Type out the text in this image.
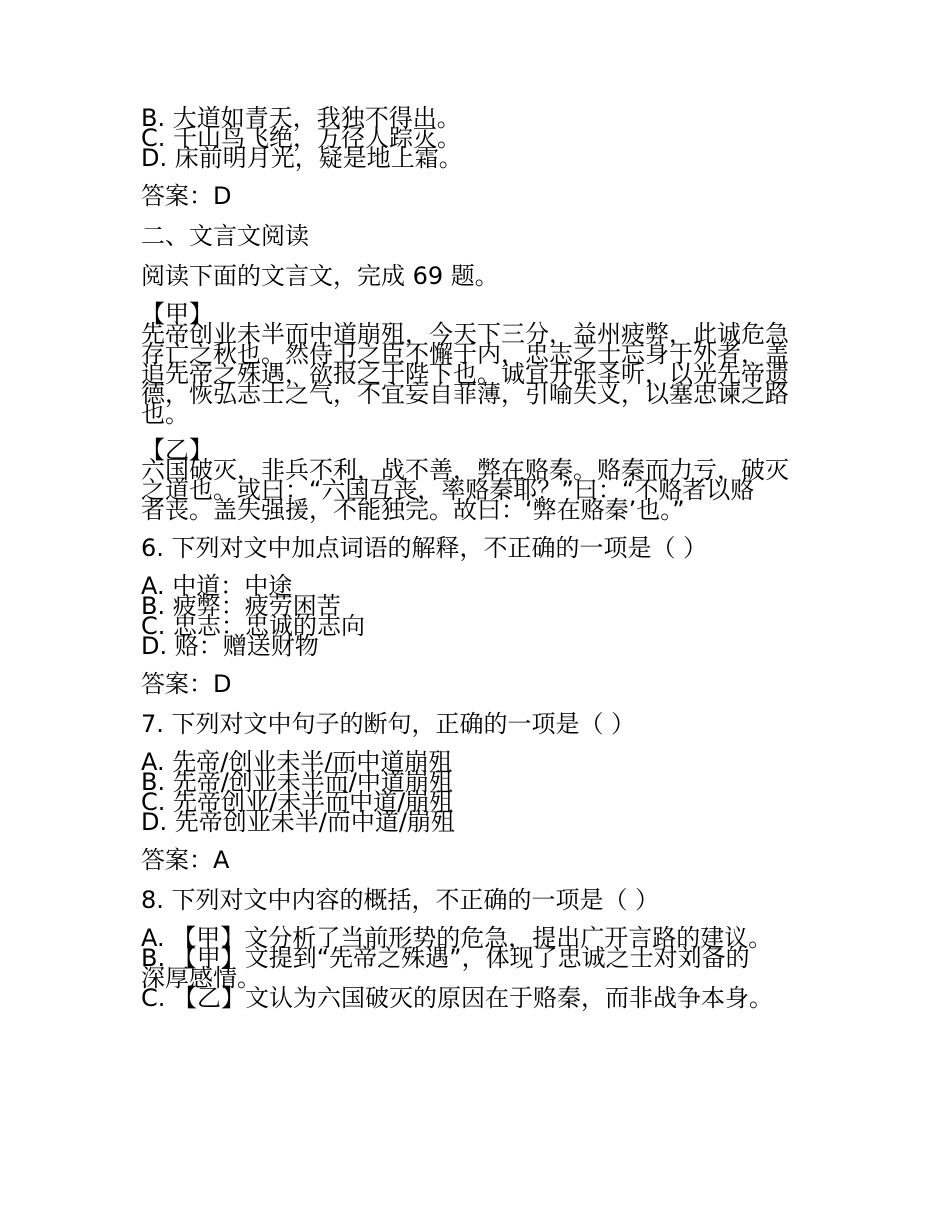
B. 大道如青天，我独不得出。
C. 千山鸟飞绝，万径人踪灭。
D. 床前明月光，疑是地上霜。

答案：D

二、文言文阅读

阅读下面的文言文，完成 69 题。

【甲】
先帝创业未半而中道崩殂，今天下三分，益州疲弊，此诚危急
存亡之秋也。然侍卫之臣不懈于内，忠志之士忘身于外者，盖
追先帝之殊遇，欲报之于陛下也。诚宜开张圣听，以光先帝遗
德，恢弘志士之气，不宜妄自菲薄，引喻失义，以塞忠谏之路
也。
【乙】
六国破灭，非兵不利，战不善，弊在赂秦。赂秦而力亏，破灭
之道也。或曰：“六国互丧，率赂秦耶？”曰：“不赂者以赂
者丧。盖失强援，不能独完。故曰：‘弊在赂秦’也。”

6. 下列对文中加点词语的解释，不正确的一项是（ ）

A. 中道：中途
B. 疲弊：疲劳困苦
C. 忠志：忠诚的志向
D. 赂：赠送财物

答案：D

7. 下列对文中句子的断句，正确的一项是（ ）

A. 先帝/创业未半/而中道崩殂
B. 先帝/创业未半而/中道崩殂
C. 先帝创业/未半而中道/崩殂
D. 先帝创业未半/而中道/崩殂

答案：A

8. 下列对文中内容的概括，不正确的一项是（ ）

A. 【甲】文分析了当前形势的危急，提出广开言路的建议。
B. 【甲】文提到“先帝之殊遇”，体现了忠诚之士对刘备的
深厚感情。
C. 【乙】文认为六国破灭的原因在于赂秦，而非战争本身。
